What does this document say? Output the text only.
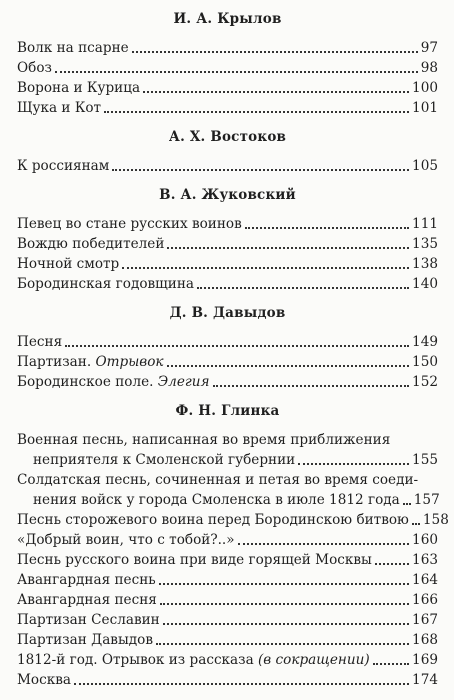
И. А. Крылов
Волк на псарне	97
Обоз	98
Ворона и Курица	100
Щука и Кот	101
А. Х. Востоков
К россиянам	105
В. А. Жуковский
Певец во стане русских воинов	111
Вождю победителей	135
Ночной смотр	138
Бородинская годовщина	140
Д. В. Давыдов
Песня	149
Партизан. Отрывок	150
Бородинское поле. Элегия	152
Ф. Н. Глинка
Военная песнь, написанная во время приближения
неприятеля к Смоленской губернии	155
Солдатская песнь, сочиненная и петая во время соеди-
нения войск у города Смоленска в июле 1812 года 157
Песнь сторожевого воина перед Бородинскою битвою 158
«Добрый воин, что с тобой?..»	160
Песнь русского воина при виде горящей Москвы	163
Авангардная песнь	164
Авангардная песня	166
Партизан Сеславин	167
Партизан Давыдов	168
1812-й год. Отрывок из рассказа (в сокращении)	169
Москва	174
